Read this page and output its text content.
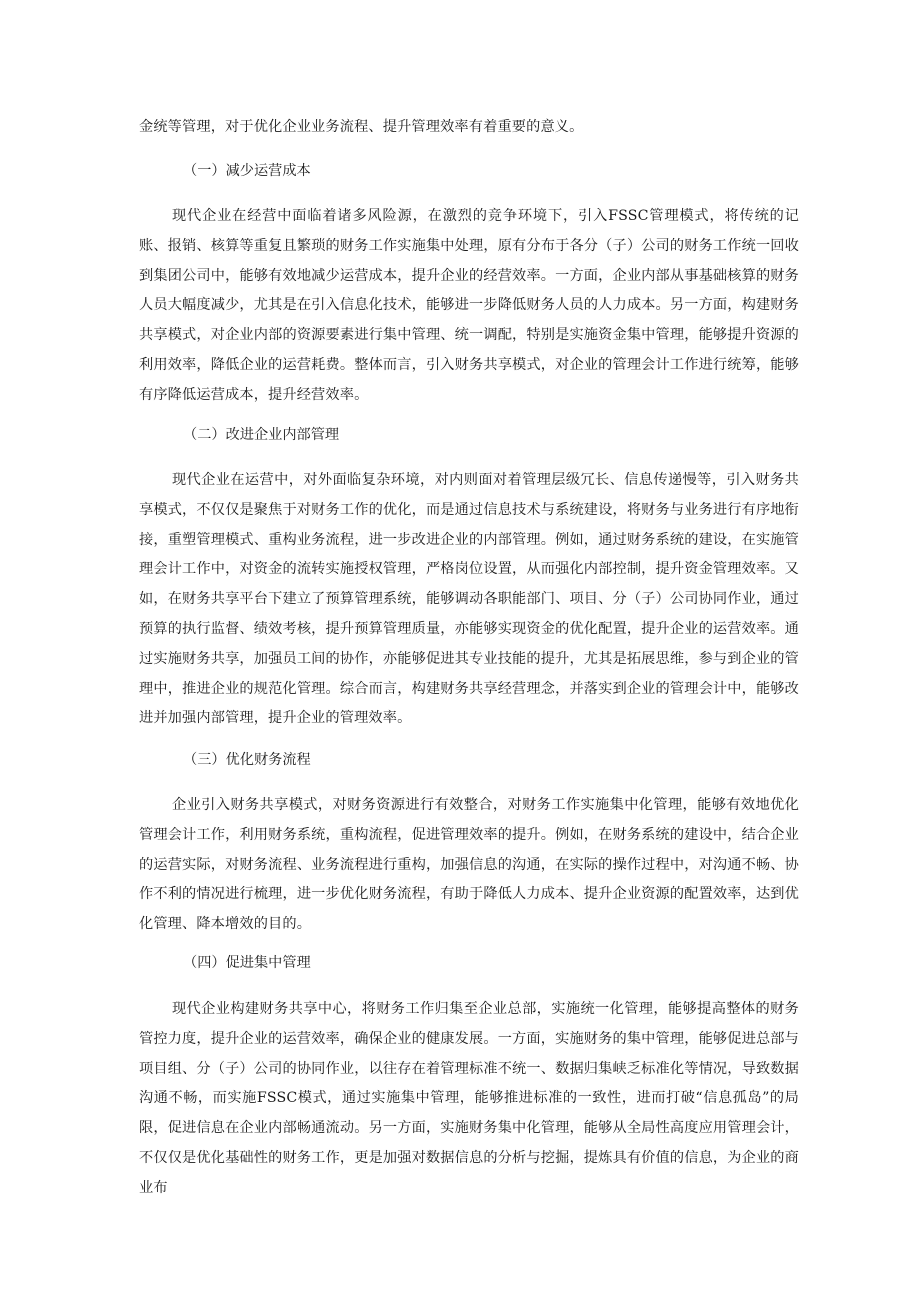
金统等管理，对于优化企业业务流程、提升管理效率有着重要的意义。

（一）减少运营成本

现代企业在经营中面临着诸多风险源，在激烈的竞争环境下，引入FSSC管理模式，将传统的记账、报销、核算等重复且繁琐的财务工作实施集中处理，原有分布于各分（子）公司的财务工作统一回收到集团公司中，能够有效地减少运营成本，提升企业的经营效率。一方面，企业内部从事基础核算的财务人员大幅度减少，尤其是在引入信息化技术，能够进一步降低财务人员的人力成本。另一方面，构建财务共享模式，对企业内部的资源要素进行集中管理、统一调配，特别是实施资金集中管理，能够提升资源的利用效率，降低企业的运营耗费。整体而言，引入财务共享模式，对企业的管理会计工作进行统筹，能够有序降低运营成本，提升经营效率。

（二）改进企业内部管理

现代企业在运营中，对外面临复杂环境，对内则面对着管理层级冗长、信息传递慢等，引入财务共享模式，不仅仅是聚焦于对财务工作的优化，而是通过信息技术与系统建设，将财务与业务进行有序地衔接，重塑管理模式、重构业务流程，进一步改进企业的内部管理。例如，通过财务系统的建设，在实施管理会计工作中，对资金的流转实施授权管理，严格岗位设置，从而强化内部控制，提升资金管理效率。又如，在财务共享平台下建立了预算管理系统，能够调动各职能部门、项目、分（子）公司协同作业，通过预算的执行监督、绩效考核，提升预算管理质量，亦能够实现资金的优化配置，提升企业的运营效率。通过实施财务共享，加强员工间的协作，亦能够促进其专业技能的提升，尤其是拓展思维，参与到企业的管理中，推进企业的规范化管理。综合而言，构建财务共享经营理念，并落实到企业的管理会计中，能够改进并加强内部管理，提升企业的管理效率。

（三）优化财务流程

企业引入财务共享模式，对财务资源进行有效整合，对财务工作实施集中化管理，能够有效地优化管理会计工作，利用财务系统，重构流程，促进管理效率的提升。例如，在财务系统的建设中，结合企业的运营实际，对财务流程、业务流程进行重构，加强信息的沟通，在实际的操作过程中，对沟通不畅、协作不利的情况进行梳理，进一步优化财务流程，有助于降低人力成本、提升企业资源的配置效率，达到优化管理、降本增效的目的。

（四）促进集中管理

现代企业构建财务共享中心，将财务工作归集至企业总部，实施统一化管理，能够提高整体的财务管控力度，提升企业的运营效率，确保企业的健康发展。一方面，实施财务的集中管理，能够促进总部与项目组、分（子）公司的协同作业，以往存在着管理标准不统一、数据归集峡乏标准化等情况，导致数据沟通不畅，而实施FSSC模式，通过实施集中管理，能够推进标准的一致性，进而打破“信息孤岛”的局限，促进信息在企业内部畅通流动。另一方面，实施财务集中化管理，能够从全局性高度应用管理会计，不仅仅是优化基础性的财务工作，更是加强对数据信息的分析与挖掘，提炼具有价值的信息，为企业的商业布
